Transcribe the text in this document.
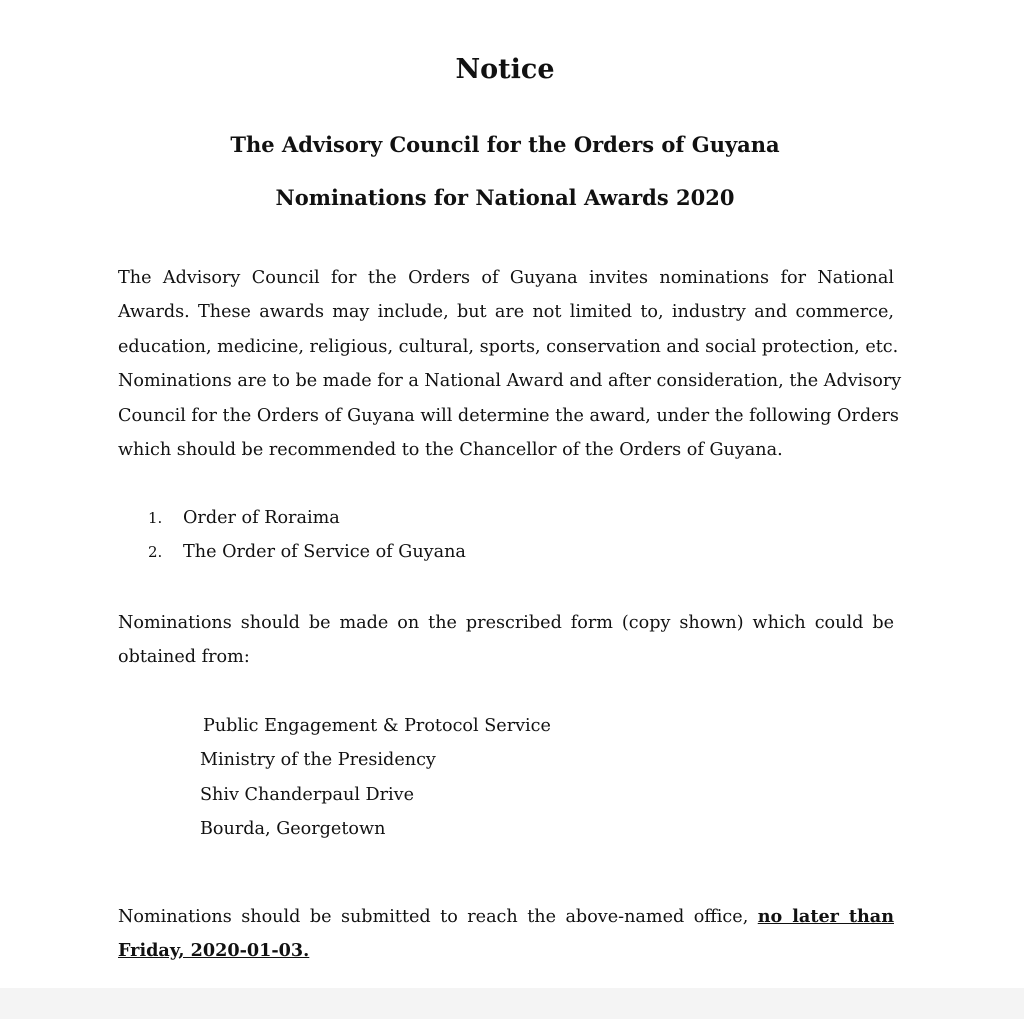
Notice
The Advisory Council for the Orders of Guyana
Nominations for National Awards 2020

The Advisory Council for the Orders of Guyana invites nominations for National
Awards. These awards may include, but are not limited to, industry and commerce,
education, medicine, religious, cultural, sports, conservation and social protection, etc.
Nominations are to be made for a National Award and after consideration, the Advisory
Council for the Orders of Guyana will determine the award, under the following Orders
which should be recommended to the Chancellor of the Orders of Guyana.

1. Order of Roraima
2. The Order of Service of Guyana

Nominations should be made on the prescribed form (copy shown) which could be
obtained from:

Public Engagement & Protocol Service
Ministry of the Presidency
Shiv Chanderpaul Drive
Bourda, Georgetown

Nominations should be submitted to reach the above-named office, no later than
Friday, 2020-01-03.
